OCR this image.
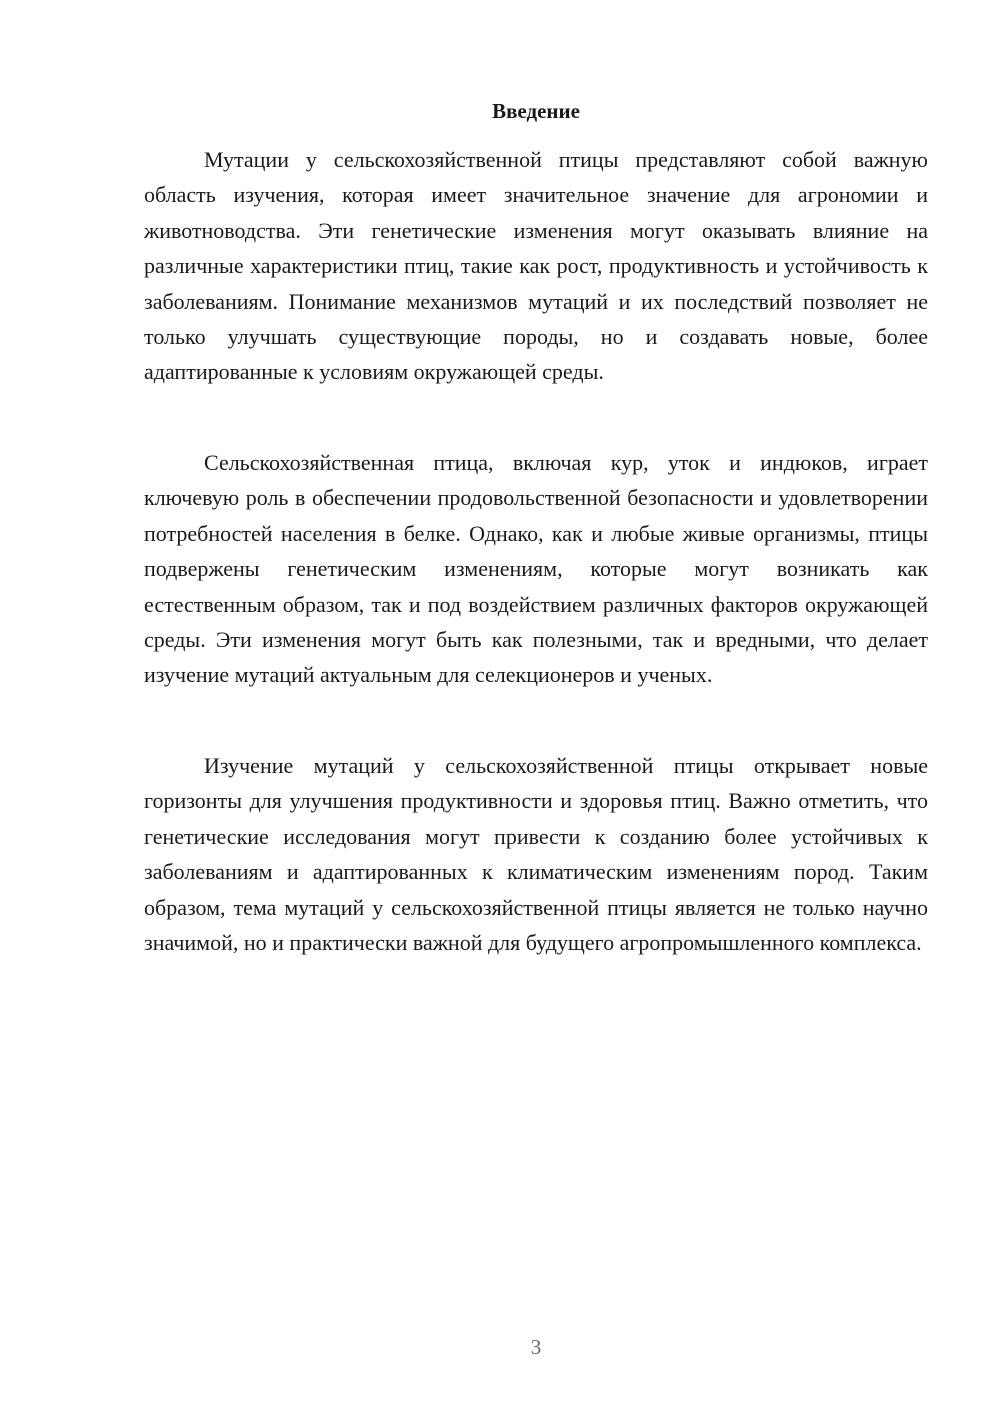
Введение

Мутации у сельскохозяйственной птицы представляют собой важную область изучения, которая имеет значительное значение для агрономии и животноводства. Эти генетические изменения могут оказывать влияние на различные характеристики птиц, такие как рост, продуктивность и устойчивость к заболеваниям. Понимание механизмов мутаций и их последствий позволяет не только улучшать существующие породы, но и создавать новые, более адаптированные к условиям окружающей среды.

Сельскохозяйственная птица, включая кур, уток и индюков, играет ключевую роль в обеспечении продовольственной безопасности и удовлетворении потребностей населения в белке. Однако, как и любые живые организмы, птицы подвержены генетическим изменениям, которые могут возникать как естественным образом, так и под воздействием различных факторов окружающей среды. Эти изменения могут быть как полезными, так и вредными, что делает изучение мутаций актуальным для селекционеров и ученых.

Изучение мутаций у сельскохозяйственной птицы открывает новые горизонты для улучшения продуктивности и здоровья птиц. Важно отметить, что генетические исследования могут привести к созданию более устойчивых к заболеваниям и адаптированных к климатическим изменениям пород. Таким образом, тема мутаций у сельскохозяйственной птицы является не только научно значимой, но и практически важной для будущего агропромышленного комплекса.

3
